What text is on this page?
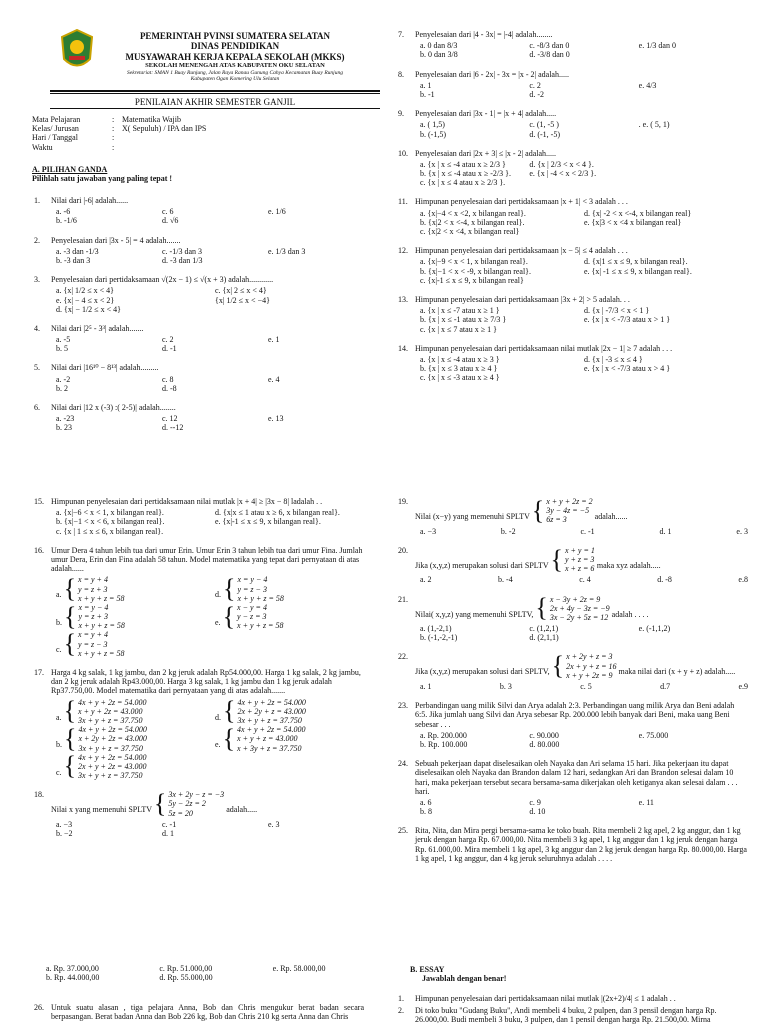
PEMERINTAH PVINSI SUMATERA SELATAN
DINAS PENDIDIKAN
MUSYAWARAH KERJA KEPALA SEKOLAH (MKKS)
SEKOLAH MENENGAH ATAS KABUPATEN OKU SELATAN
Sekretariat: SMAN 1 Buay Runjung, Jalan Raya Ranau Gunung Cahya Kecamatan Buay Runjung
Kabupaten Ogan Komering Ulu Selatan
PENILAIAN AKHIR SEMESTER GANJIL
Mata Pelajaran	: Matematika Wajib
Kelas/ Jurusan	: X( Sepuluh) / IPA dan IPS
Hari / Tanggal	:
Waktu	:
A. PILIHAN GANDA
Pilihlah satu jawaban yang paling tepat !
1.	Nilai dari |-6| adalah......
a. -6	c. 6	e. 1/6
b. -1/6	d. √6
2.	Penyelesaian dari |3x - 5| = 4 adalah.......
a. -3 dan -1/3	c. -1/3 dan 3	e. 1/3 dan 3
b. -3 dan 3	d. -3 dan 1/3
3.	Penyelesaian dari pertidaksamaan √(2x − 1) ≤ √(x + 3) adalah............
a. {x| 1/2 ≤ x < 4}	c. {x| 2 ≤ x < 4}
e. {x| − 4 ≤ x < 2}	{x| 1/2 ≤ x < −4}
d. {x| − 1/2 ≤ x < 4}
4.	Nilai dari |2⁵ - 3³| adalah.......
a. -5	c. 2	e. 1
b. 5	d. -1
5.	Nilai dari |16¹⁰ − 8¹³| adalah.........
a. -2	c. 8	e. 4
b. 2	d. -8
6.	Nilai dari |12 x (-3) :( 2-5)| adalah........
a. -23	c. 12	e. 13
b. 23	d. --12
7.	Penyelesaian dari |4 - 3x| = |-4| adalah........
a. 0 dan 8/3	c. -8/3 dan 0	e. 1/3 dan 0
b. 0 dan 3/8	d. -3/8 dan 0
8.	Penyelesaian dari |6 - 2x| - 3x = |x - 2| adalah.....
a. 1	c. 2	e. 4/3
b. -1	d. -2
9.	Penyelesaian dari |3x - 1| = |x + 4| adalah.....
a. ( 1,5)	c. (1, -5 )	. e. ( 5, 1)
b. (-1,5)	d. (-1, -5)
10. Penyelesaian dari |2x + 3| ≤ |x - 2| adalah.....
a. {x | x ≤ -4 atau x ≥ 2/3 }	d. {x | 2/3 < x < 4 }.
b. {x | x ≤ -4 atau x ≥ -2/3 }.	e. {x | -4 < x < 2/3 }.
c. {x | x ≤ 4 atau x ≥ 2/3 }.
11. Himpunan penyelesaian dari pertidaksamaan |x + 1| < 3 adalah . . .
a. {x|−4 < x <2, x bilangan real}.	d. {x| -2 < x <-4, x bilangan real}
b. {x|2 < x <-4, x bilangan real}.	e. {x|3 < x <4 x bilangan real}
c. {x|2 < x <4, x bilangan real}
12. Himpunan penyelesaian dari pertidaksamaan |x − 5| ≤ 4 adalah . . .
a. {x|−9 < x < 1, x bilangan real}.	d. {x|1 ≤ x ≤ 9, x bilangan real}.
b. {x|−1 < x < -9, x bilangan real}.	e. {x| -1 ≤ x ≤ 9, x bilangan real}.
c. {x|-1 ≤ x ≤ 9, x bilangan real}
13. Himpunan penyelesaian dari pertidaksamaan |3x + 2| > 5 adalah. . .
a. {x | x ≤ -7 atau x ≥ 1 }	d. {x | -7/3 < x < 1 }
b. {x | x ≤ -1 atau x ≥ 7/3 }	e. {x | x < -7/3 atau x > 1 }
c. {x | x ≤ 7 atau x ≥ 1 }
14. Himpunan penyelesaian dari pertidaksamaan nilai mutlak |2x − 1| ≥ 7 adalah . . .
a. {x | x ≤ -4 atau x ≥ 3 }	d. {x | -3 ≤ x ≤ 4 }
b. {x | x ≤ 3 atau x ≥ 4 }	e. {x | x < -7/3 atau x > 4 }
c. {x | x ≤ -3 atau x ≥ 4 }
15. Himpunan penyelesaian dari pertidaksamaan nilai mutlak |x + 4| ≥ |3x − 8| ladalah . .
a. {x|−6 < x < 1, x bilangan real}.	d. {x|x ≤ 1 atau x ≥ 6, x bilangan real}.
b. {x|−1 < x < 6, x bilangan real}.	e. {x|-1 ≤ x ≤ 9, x bilangan real}.
c. {x | 1 ≤ x ≤ 6, x bilangan real}.
16. Umur Dera 4 tahun lebih tua dari umur Erin. Umur Erin 3 tahun lebih tua dari umur Fina. Jumlah umur Dera, Erin dan Fina adalah 58 tahun. Model matematika yang tepat dari pernyataan di atas adalah......
a. { x = y + 4
y = z + 3
x + y + z = 58	d. { x = y − 4
y = z − 3
x + y + z = 58
b. { x = y − 4
y = z + 3
x + y + z = 58	e. { x − y = 4
y − z = 3
x + y + z = 58
c. { x = y + 4
y = z − 3
x + y + z = 58
17. Harga 4 kg salak, 1 kg jambu, dan 2 kg jeruk adalah Rp54.000,00. Harga 1 kg salak, 2 kg jambu, dan 2 kg jeruk adalah Rp43.000,00. Harga 3 kg salak, 1 kg jambu dan 1 kg jeruk adalah Rp37.750,00. Model matematika dari pernyataan yang di atas adalah.......
a. { 4x + y + 2z = 54.000
x + y + 2z = 43.000
3x + y + z = 37.750	d. { 4x + y + 2z = 54.000
2x + 2y + z = 43.000
3x + y + z = 37.750
b. { 4x + y + 2z = 54.000
x + 2y + 2z = 43.000
3x + y + z = 37.750	e. { 4x + y + 2z = 54.000
x + y + z = 43.000
x + 3y + z = 37.750
c. { 4x + y + 2z = 54.000
2x + y + 2z = 43.000
3x + y + z = 37.750
18.
Nilai x yang memenuhi SPLTV { 3x + 2y − z = −3
5y − 2z = 2
5z = 20	adalah.....
a. −3	c. -1	e. 3
b. −2	d. 1
19.
Nilai (x−y) yang memenuhi SPLTV { x + y + 2z = 2
3y − 4z = −5
6z = 3	adalah......
a. −3	b. -2	c. -1	d. 1	e. 3
20.
Jika (x,y,z) merupakan solusi dari SPLTV { x + y = 1
y + z = 3
x + z = 6 maka xyz adalah.....
a. 2	b. -4	c. 4	d. -8	e.8
21.
Nilai( x,y,z) yang memenuhi SPLTV, { x − 3y + 2z = 9
2x + 4y − 3z = −9
3x − 2y + 5z = 12 adalah . . . .
a. (1,-2,1)	c. (1,2,1)	e. (-1,1,2)
b. (-1,-2,-1)	d. (2,1,1)
22.
Jika (x,y,z) merupakan solusi dari SPLTV, { x + 2y + z = 3
2x + y + z = 16
x + y + 2z = 9 maka nilai dari (x + y + z) adalah.....
a. 1	b. 3	c. 5	d.7	e.9
23. Perbandingan uang milik Silvi dan Arya adalah 2:3. Perbandingan uang milik Arya dan Beni adalah 6:5. Jika jumlah uang Silvi dan Arya sebesar Rp. 200.000 lebih banyak dari Beni, maka uang Beni sebesar . . .
a. Rp. 200.000	c. 90.000	e. 75.000
b. Rp. 100.000	d. 80.000
24. Sebuah pekerjaan dapat diselesaikan oleh Nayaka dan Ari selama 15 hari. Jika pekerjaan itu dapat diselesaikan oleh Nayaka dan Brandon dalam 12 hari, sedangkan Ari dan Brandon selesai dalam 10 hari, maka pekerjaan tersebut secara bersama-sama dikerjakan oleh ketiganya akan selesai dalam . . . hari.
a. 6	c. 9	e. 11
b. 8	d. 10
25. Rita, Nita, dan Mira pergi bersama-sama ke toko buah. Rita membeli 2 kg apel, 2 kg anggur, dan 1 kg jeruk dengan harga Rp. 67.000,00. Nita membeli 3 kg apel, 1 kg anggur dan 1 kg jeruk dengan harga Rp. 61.000,00. Mira membeli 1 kg apel, 3 kg anggur dan 2 kg jeruk dengan harga Rp. 80.000,00. Harga 1 kg apel, 1 kg anggur, dan 4 kg jeruk seluruhnya adalah . . . .
a. Rp. 37.000,00	c. Rp. 51.000,00	e. Rp. 58.000,00
b. Rp. 44.000,00	d. Rp. 55.000,00
26. Untuk suatu alasan , tiga pelajara Anna, Bob dan Chris mengukur berat badan secara berpasangan. Berat badan Anna dan Bob 226 kg, Bob dan Chris 210 kg serta Anna dan Chris
B. ESSAY
Jawablah dengan benar!
1.	Himpunan penyelesaian dari pertidaksamaan nilai mutlak |(2x+2)/4| ≤ 1 adalah . .
2.	Di toko buku "Gudang Buku", Andi membeli 4 buku, 2 pulpen, dan 3 pensil dengan harga Rp. 26.000,00. Budi membeli 3 buku, 3 pulpen, dan 1 pensil dengan harga Rp. 21.500,00. Mirna
